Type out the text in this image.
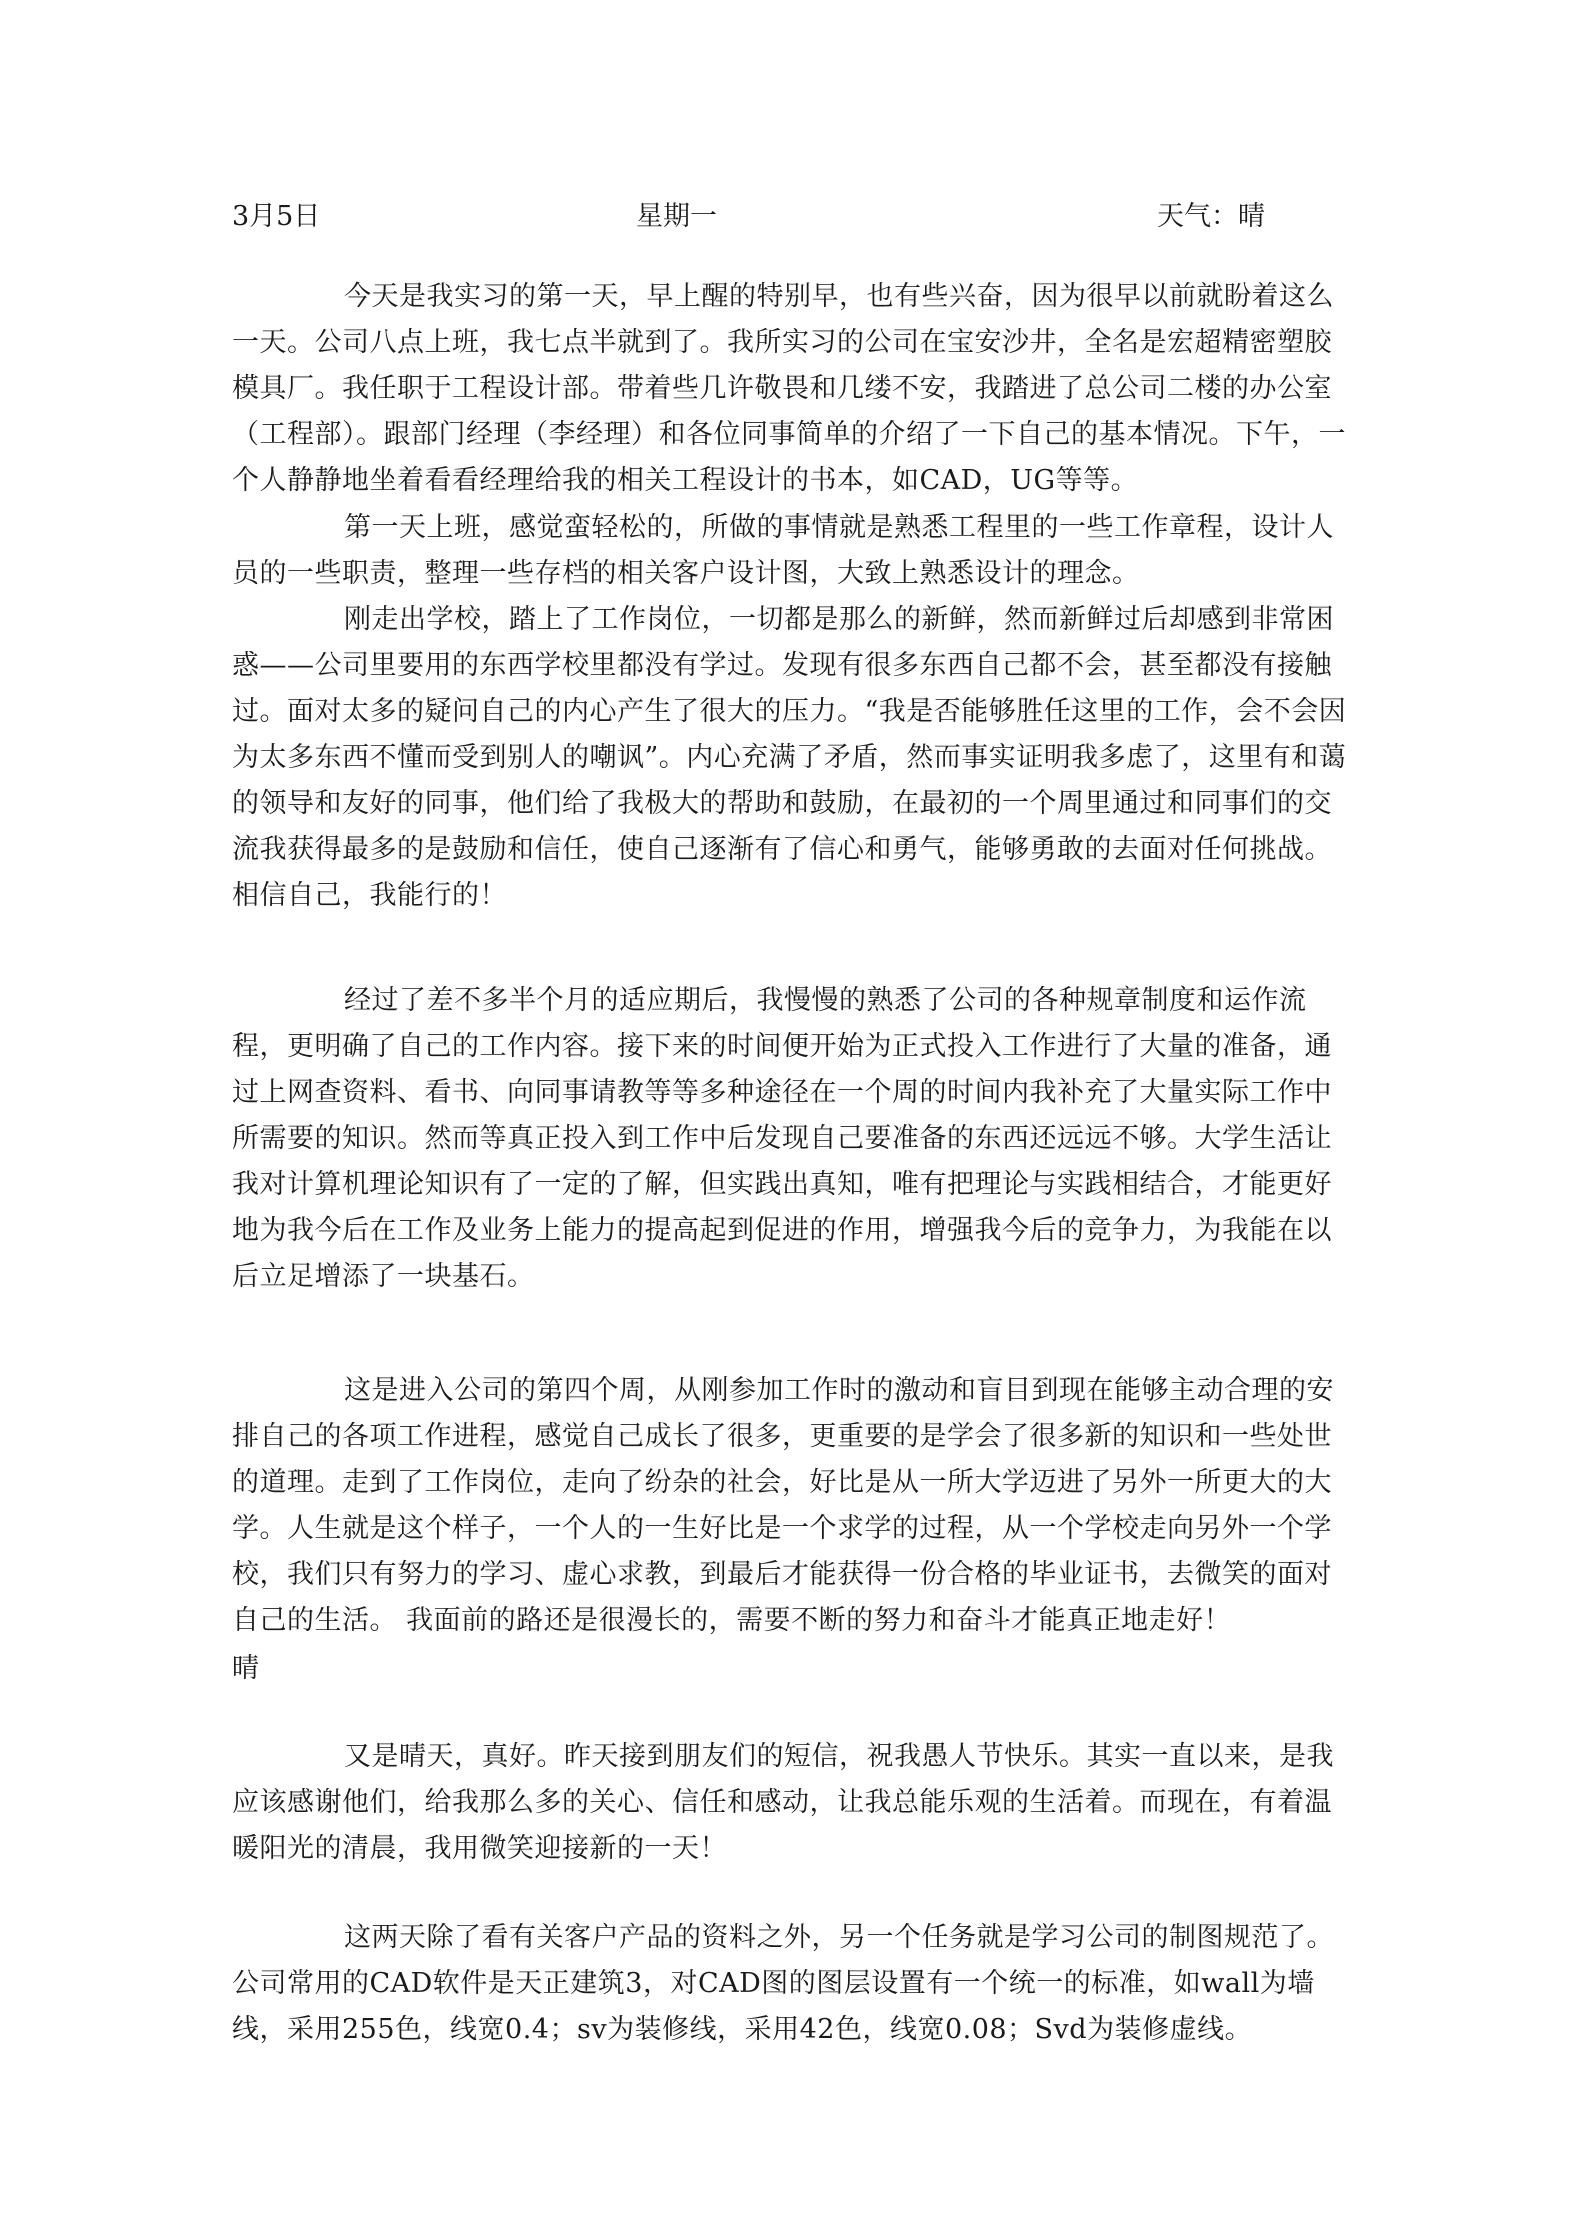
3月5日	星期一	天气：晴

今天是我实习的第一天，早上醒的特别早，也有些兴奋，因为很早以前就盼着这么一天。公司八点上班，我七点半就到了。我所实习的公司在宝安沙井，全名是宏超精密塑胶模具厂。我任职于工程设计部。带着些几许敬畏和几缕不安，我踏进了总公司二楼的办公室（工程部）。跟部门经理（李经理）和各位同事简单的介绍了一下自己的基本情况。下午，一个人静静地坐着看看经理给我的相关工程设计的书本，如CAD，UG等等。

第一天上班，感觉蛮轻松的，所做的事情就是熟悉工程里的一些工作章程，设计人员的一些职责，整理一些存档的相关客户设计图，大致上熟悉设计的理念。

刚走出学校，踏上了工作岗位，一切都是那么的新鲜，然而新鲜过后却感到非常困惑——公司里要用的东西学校里都没有学过。发现有很多东西自己都不会，甚至都没有接触过。面对太多的疑问自己的内心产生了很大的压力。“我是否能够胜任这里的工作，会不会因为太多东西不懂而受到别人的嘲讽”。内心充满了矛盾，然而事实证明我多虑了，这里有和蔼的领导和友好的同事，他们给了我极大的帮助和鼓励，在最初的一个周里通过和同事们的交流我获得最多的是鼓励和信任，使自己逐渐有了信心和勇气，能够勇敢的去面对任何挑战。相信自己，我能行的！

经过了差不多半个月的适应期后，我慢慢的熟悉了公司的各种规章制度和运作流程，更明确了自己的工作内容。接下来的时间便开始为正式投入工作进行了大量的准备，通过上网查资料、看书、向同事请教等等多种途径在一个周的时间内我补充了大量实际工作中所需要的知识。然而等真正投入到工作中后发现自己要准备的东西还远远不够。大学生活让我对计算机理论知识有了一定的了解，但实践出真知，唯有把理论与实践相结合，才能更好地为我今后在工作及业务上能力的提高起到促进的作用，增强我今后的竞争力，为我能在以后立足增添了一块基石。

这是进入公司的第四个周，从刚参加工作时的激动和盲目到现在能够主动合理的安排自己的各项工作进程，感觉自己成长了很多，更重要的是学会了很多新的知识和一些处世的道理。走到了工作岗位，走向了纷杂的社会，好比是从一所大学迈进了另外一所更大的大学。人生就是这个样子，一个人的一生好比是一个求学的过程，从一个学校走向另外一个学校，我们只有努力的学习、虚心求教，到最后才能获得一份合格的毕业证书，去微笑的面对自己的生活。 我面前的路还是很漫长的，需要不断的努力和奋斗才能真正地走好！

晴

又是晴天，真好。昨天接到朋友们的短信，祝我愚人节快乐。其实一直以来，是我应该感谢他们，给我那么多的关心、信任和感动，让我总能乐观的生活着。而现在，有着温暖阳光的清晨，我用微笑迎接新的一天！

这两天除了看有关客户产品的资料之外，另一个任务就是学习公司的制图规范了。公司常用的CAD软件是天正建筑3，对CAD图的图层设置有一个统一的标准，如wall为墙线，采用255色，线宽0.4；sv为装修线，采用42色，线宽0.08；Svd为装修虚线。
